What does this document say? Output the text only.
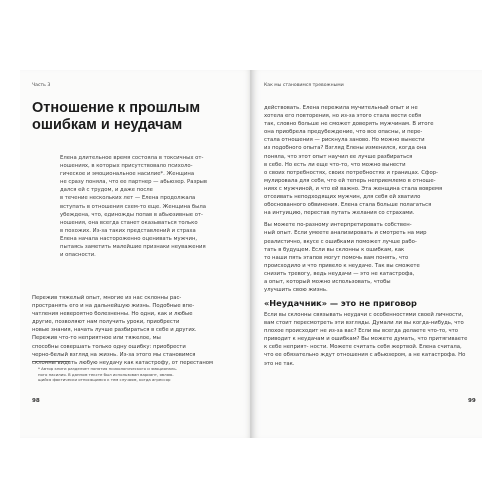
Часть 3
Отношение к прошлым
ошибкам и неудачам
Елена длительное время состояла в токсичных от-
ношениях, в которых присутствовало психоло-
гическое и эмоциональное насилие*. Женщина
не сразу поняла, что ее партнер — абьюзер. Разрыв
дался ей с трудом, и даже после
в течение нескольких лет — Елена продолжала
вступать в отношения схем-то еще. Женщина была
убеждена, что, единожды попав в абьюзивные от-
ношения, она всегда станет оказываться только
в похожих. Из-за таких представлений и страха
Елена начала настороженно оценивать мужчин,
пытаясь заметить малейшие признаки неуважения
и опасности.
Пережив тяжелый опыт, многие из нас склонны рас-
пространять его и на дальнейшую жизнь. Подобные впе-
чатления невероятно болезненны. Но одни, как и любые
другие, позволяют нам получить уроки, приобрести
новые знания, начать лучше разбираться в себе и других.
Пережив что-то неприятное или тяжелое, мы
способны совершать только одну ошибку: приобрести
черно-белый взгляд на жизнь. Из-за этого мы становимся
склонны видеть любую неудачу как катастрофу, от перестаном
* Автор книги разделяет понятия психологического и эмоциональ-
ного насилия. В данном тексте был использован вариант, являю-
щийся фактически относящимся к тем случаям, когда агрессор
98
Как мы становимся тревожными
действовать. Елена пережила мучительный опыт и не
хотела его повторения, но из-за этого стала вести себя
так, словно больше не сможет доверять мужчинам. В итоге
она приобрела предубеждение, что все опасны, и пере-
стала отношения — рискнула заново. Но можно вынести
из подобного опыта? Взгляд Елены изменился, когда она
поняла, что этот опыт научил ее лучше разбираться
в себе. Но есть ли еще что-то, что можно вынести
о своих потребностях, своих потребностях и границах. Сфор-
мулировала для себя, что ей теперь неприемлемо в отноше-
ниях с мужчиной, и что ей важно. Эта женщина стала вовремя
отсеивать неподходящих мужчин, для себя ей хватило
обоснованного обвинения. Елена стала больше полагаться
на интуицию, перестав путать желания со страхами.
Вы можете по-разному интерпретировать собствен-
ный опыт. Если умеете анализировать и смотреть на мир
реалистично, вкусе с ошибками поможет лучше рабо-
тать в будущем. Если вы склонны к ошибкам, как
то наши пять этапов могут помочь вам понять, что
происходило и что привело к неудаче. Так вы сможете
снизить тревогу, ведь неудачи — это не катастрофа,
а опыт, который можно использовать, чтобы
улучшить свою жизнь.
«Неудачник» — это не приговор
Если вы склонны связывать неудачи с особенностями своей личности, вам стоит пересмотреть эти взгляды. Думали ли вы когда-нибудь, что плохое происходит не из-за вас? Если вы всегда делаете что-то, что приводит к неудачам и ошибкам? Вы можете думать, что притягиваете к себе неприят- ности. Можете считать себя жертвой. Елена считала, что ее обязательно ждут отношения с абьюзером, а не катастрофа. Но это не так.
99
